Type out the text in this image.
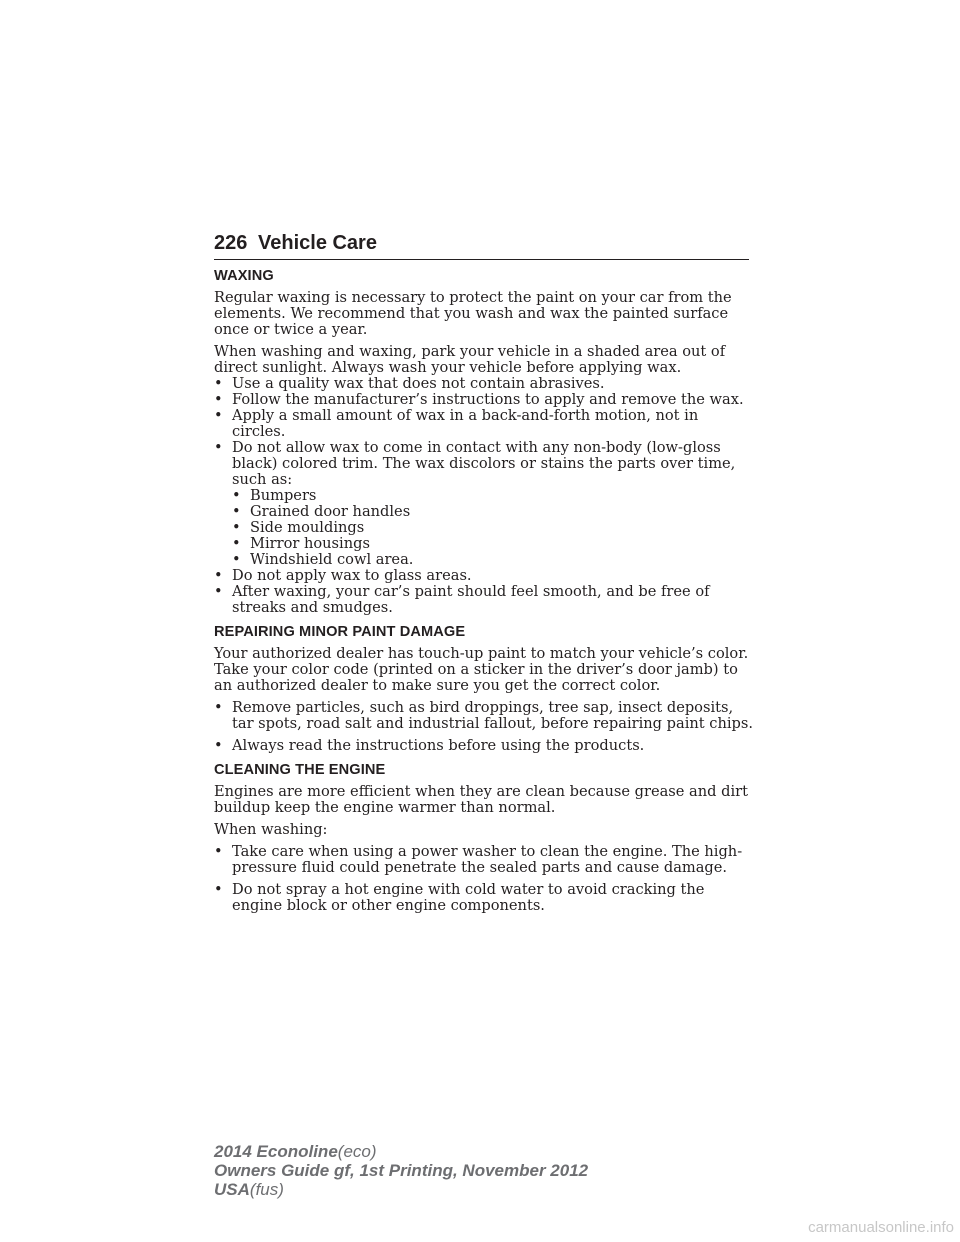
226 Vehicle Care
WAXING

Regular waxing is necessary to protect the paint on your car from the elements. We recommend that you wash and wax the painted surface once or twice a year.

When washing and waxing, park your vehicle in a shaded area out of direct sunlight. Always wash your vehicle before applying wax.

• Use a quality wax that does not contain abrasives.
• Follow the manufacturer’s instructions to apply and remove the wax.
• Apply a small amount of wax in a back-and-forth motion, not in circles.
• Do not allow wax to come in contact with any non-body (low-gloss black) colored trim. The wax discolors or stains the parts over time, such as:
• Bumpers
• Grained door handles
• Side mouldings
• Mirror housings
• Windshield cowl area.
• Do not apply wax to glass areas.
• After waxing, your car’s paint should feel smooth, and be free of streaks and smudges.
REPAIRING MINOR PAINT DAMAGE

Your authorized dealer has touch-up paint to match your vehicle’s color. Take your color code (printed on a sticker in the driver’s door jamb) to an authorized dealer to make sure you get the correct color.

• Remove particles, such as bird droppings, tree sap, insect deposits, tar spots, road salt and industrial fallout, before repairing paint chips.
• Always read the instructions before using the products.
CLEANING THE ENGINE

Engines are more efficient when they are clean because grease and dirt buildup keep the engine warmer than normal.

When washing:

• Take care when using a power washer to clean the engine. The high-pressure fluid could penetrate the sealed parts and cause damage.
• Do not spray a hot engine with cold water to avoid cracking the engine block or other engine components.
2014 Econoline(eco)
Owners Guide gf, 1st Printing, November 2012
USA(fus)
carmanualsonline.info
